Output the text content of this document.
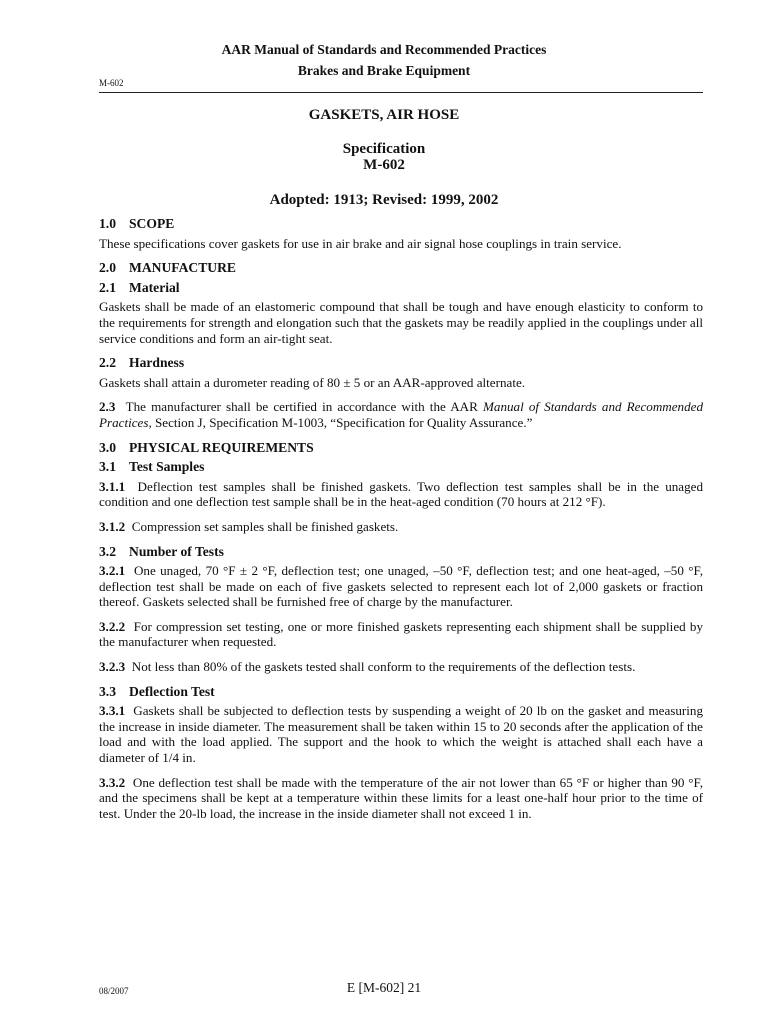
AAR Manual of Standards and Recommended Practices
Brakes and Brake Equipment
M-602
GASKETS, AIR HOSE
Specification
M-602
Adopted: 1913; Revised: 1999, 2002
1.0 SCOPE

These specifications cover gaskets for use in air brake and air signal hose couplings in train service.

2.0 MANUFACTURE
2.1 Material

Gaskets shall be made of an elastomeric compound that shall be tough and have enough elasticity to conform to the requirements for strength and elongation such that the gaskets may be readily applied in the couplings under all service conditions and form an air-tight seat.

2.2 Hardness

Gaskets shall attain a durometer reading of 80 ± 5 or an AAR-approved alternate.

2.3 The manufacturer shall be certified in accordance with the AAR Manual of Standards and Recommended Practices, Section J, Specification M-1003, “Specification for Quality Assurance.”

3.0 PHYSICAL REQUIREMENTS
3.1 Test Samples

3.1.1 Deflection test samples shall be finished gaskets. Two deflection test samples shall be in the unaged condition and one deflection test sample shall be in the heat-aged condition (70 hours at 212 °F).

3.1.2 Compression set samples shall be finished gaskets.

3.2 Number of Tests

3.2.1 One unaged, 70 °F ± 2 °F, deflection test; one unaged, –50 °F, deflection test; and one heat-aged, –50 °F, deflection test shall be made on each of five gaskets selected to represent each lot of 2,000 gaskets or fraction thereof. Gaskets selected shall be furnished free of charge by the manufacturer.

3.2.2 For compression set testing, one or more finished gaskets representing each shipment shall be supplied by the manufacturer when requested.

3.2.3 Not less than 80% of the gaskets tested shall conform to the requirements of the deflection tests.

3.3 Deflection Test

3.3.1 Gaskets shall be subjected to deflection tests by suspending a weight of 20 lb on the gasket and measuring the increase in inside diameter. The measurement shall be taken within 15 to 20 seconds after the application of the load and with the load applied. The support and the hook to which the weight is attached shall each have a diameter of 1/4 in.

3.3.2 One deflection test shall be made with the temperature of the air not lower than 65 °F or higher than 90 °F, and the specimens shall be kept at a temperature within these limits for a least one-half hour prior to the time of test. Under the 20-lb load, the increase in the inside diameter shall not exceed 1 in.

08/2007	E [M-602] 21
